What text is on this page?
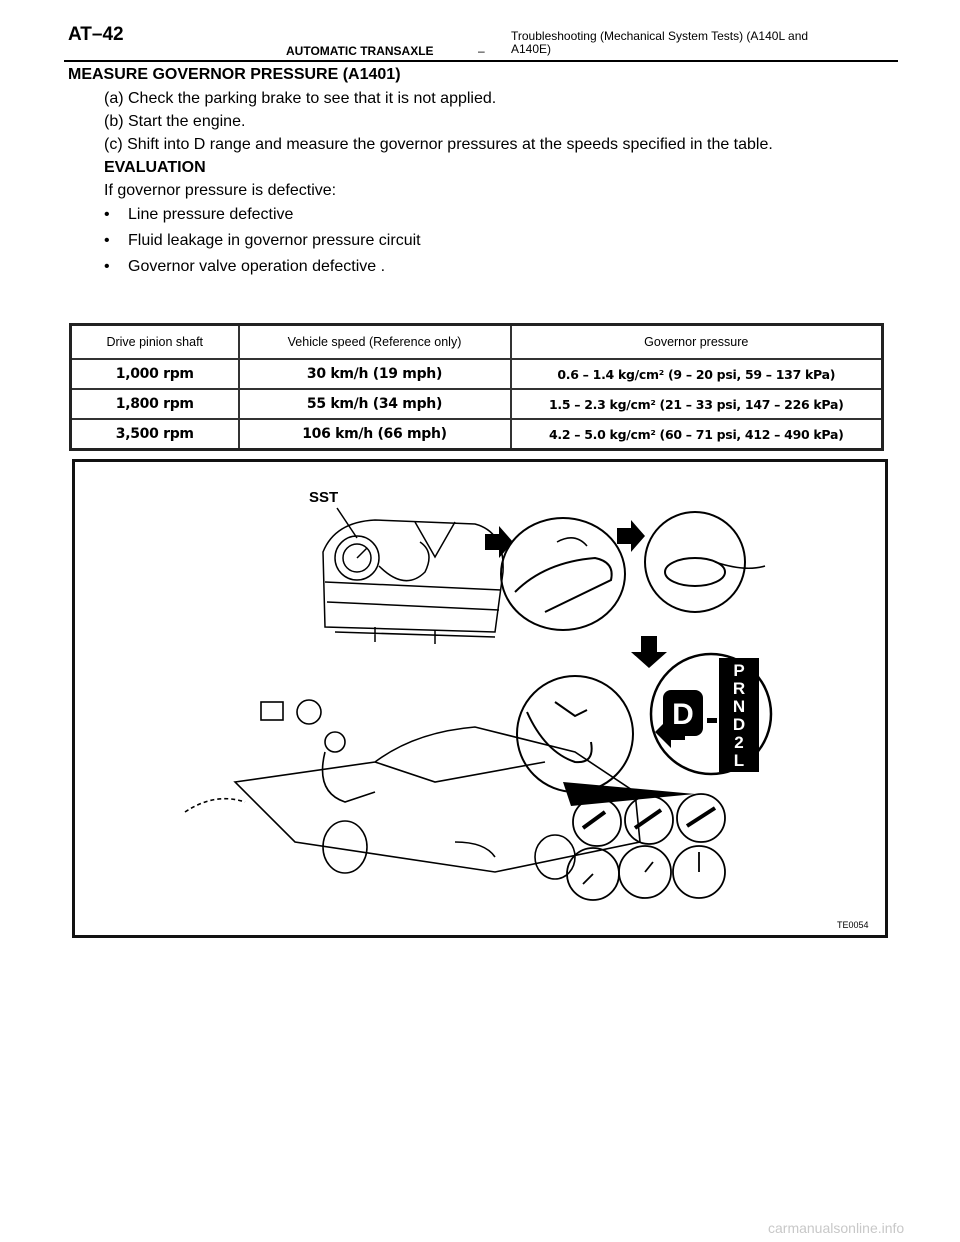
AT–42
AUTOMATIC TRANSAXLE	–
Troubleshooting (Mechanical System Tests) (A140L and A140E)
MEASURE GOVERNOR PRESSURE (A1401)
(a) Check the parking brake to see that it is not applied.
(b) Start the engine.
(c) Shift into D range and measure the governor pressures at the speeds specified in the table.
EVALUATION
If governor pressure is defective:
• Line pressure defective
• Fluid leakage in governor pressure circuit
• Governor valve operation defective .
Drive pinion shaft	Vehicle speed (Reference only)	Governor pressure
1,000 rpm	30 km/h (19 mph)	0.6 – 1.4 kg/cm² (9 – 20 psi, 59 – 137 kPa)
1,800 rpm	55 km/h (34 mph)	1.5 – 2.3 kg/cm² (21 – 33 psi, 147 – 226 kPa)
3,500 rpm	106 km/h (66 mph)	4.2 – 5.0 kg/cm² (60 – 71 psi, 412 – 490 kPa)
SST
P
R
N
D
2
L
D
TE0054
carmanualsonline.info
